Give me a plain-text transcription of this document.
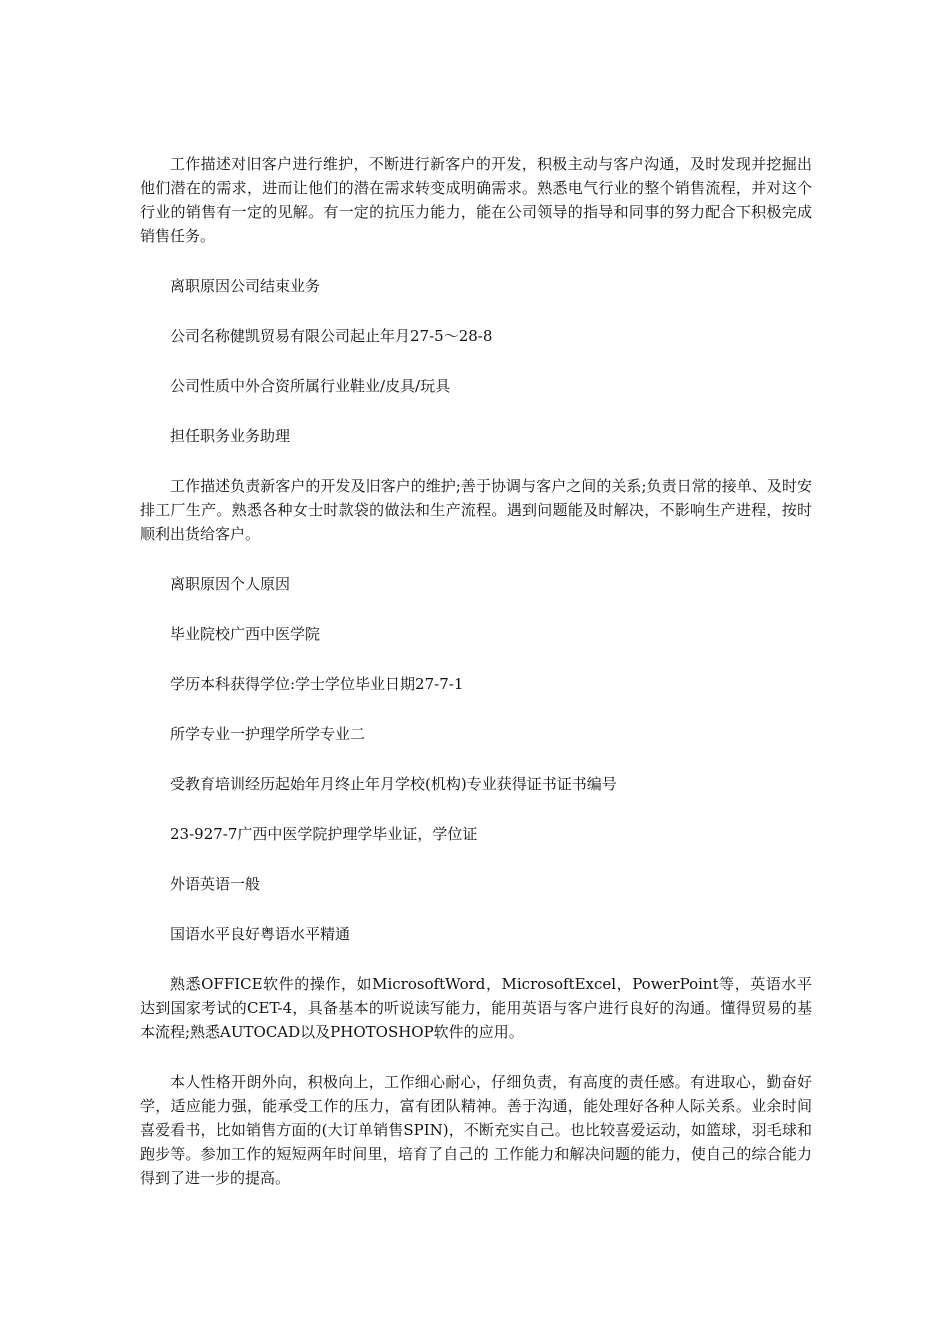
工作描述对旧客户进行维护，不断进行新客户的开发，积极主动与客户沟通，及时发现并挖掘出他们潜在的需求，进而让他们的潜在需求转变成明确需求。熟悉电气行业的整个销售流程，并对这个行业的销售有一定的见解。有一定的抗压力能力，能在公司领导的指导和同事的努力配合下积极完成销售任务。

离职原因公司结束业务

公司名称健凯贸易有限公司起止年月27-5～28-8

公司性质中外合资所属行业鞋业/皮具/玩具

担任职务业务助理

工作描述负责新客户的开发及旧客户的维护;善于协调与客户之间的关系;负责日常的接单、及时安排工厂生产。熟悉各种女士时款袋的做法和生产流程。遇到问题能及时解决，不影响生产进程，按时顺利出货给客户。

离职原因个人原因

毕业院校广西中医学院

学历本科获得学位:学士学位毕业日期27-7-1

所学专业一护理学所学专业二

受教育培训经历起始年月终止年月学校(机构)专业获得证书证书编号

23-927-7广西中医学院护理学毕业证，学位证

外语英语一般

国语水平良好粤语水平精通

熟悉OFFICE软件的操作，如MicrosoftWord，MicrosoftExcel，PowerPoint等，英语水平达到国家考试的CET-4，具备基本的听说读写能力，能用英语与客户进行良好的沟通。懂得贸易的基本流程;熟悉AUTOCAD以及PHOTOSHOP软件的应用。

本人性格开朗外向，积极向上，工作细心耐心，仔细负责，有高度的责任感。有进取心，勤奋好学，适应能力强，能承受工作的压力，富有团队精神。善于沟通，能处理好各种人际关系。业余时间喜爱看书，比如销售方面的(大订单销售SPIN)，不断充实自己。也比较喜爱运动，如篮球，羽毛球和跑步等。参加工作的短短两年时间里，培育了自己的 工作能力和解决问题的能力，使自己的综合能力得到了进一步的提高。
